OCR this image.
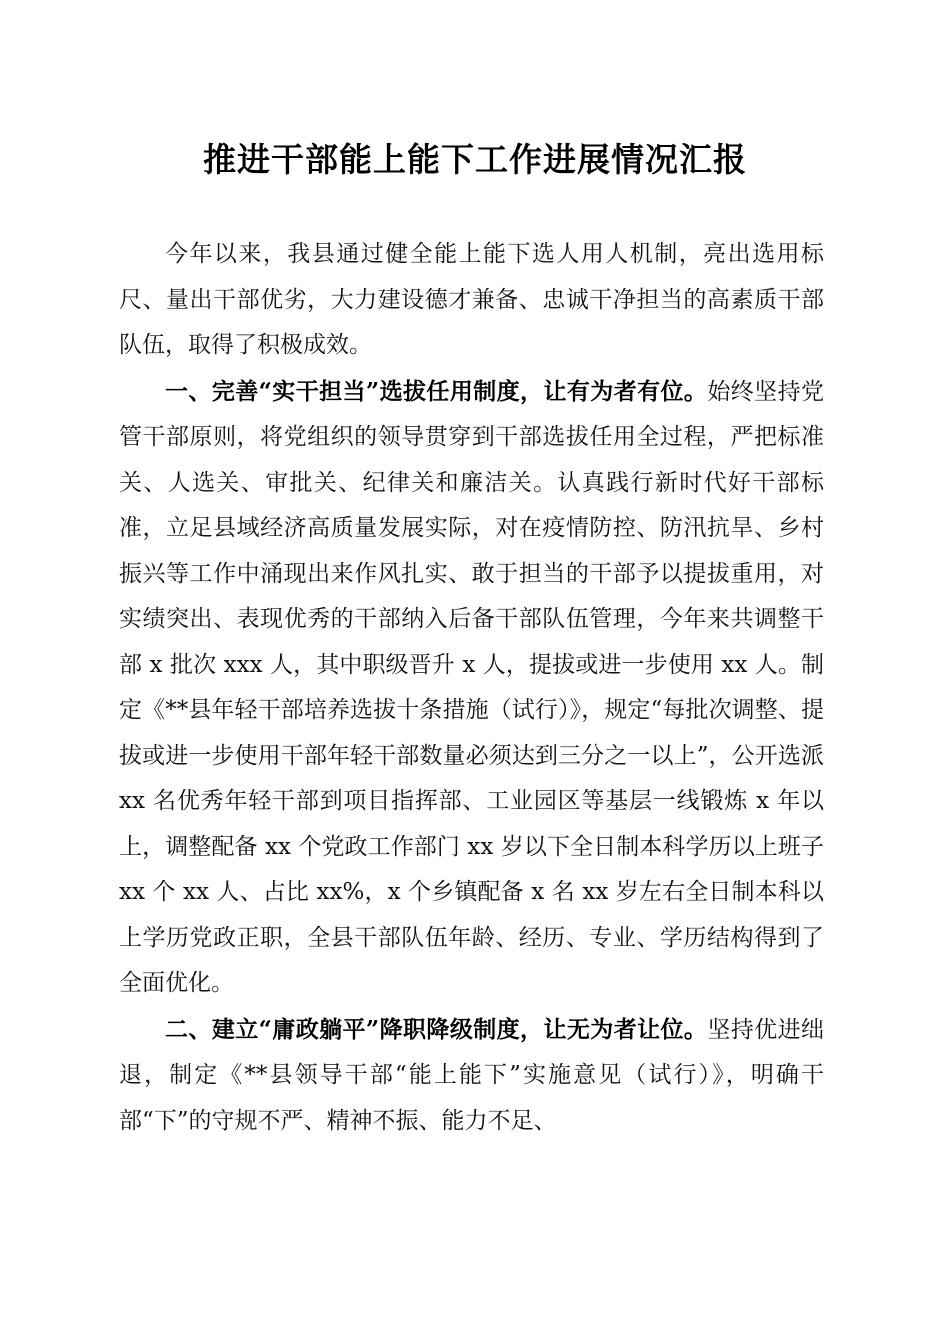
推进干部能上能下工作进展情况汇报

今年以来，我县通过健全能上能下选人用人机制，亮出选用标尺、量出干部优劣，大力建设德才兼备、忠诚干净担当的高素质干部队伍，取得了积极成效。

一、完善“实干担当”选拔任用制度，让有为者有位。始终坚持党管干部原则，将党组织的领导贯穿到干部选拔任用全过程，严把标准关、人选关、审批关、纪律关和廉洁关。认真践行新时代好干部标准，立足县域经济高质量发展实际，对在疫情防控、防汛抗旱、乡村振兴等工作中涌现出来作风扎实、敢于担当的干部予以提拔重用，对实绩突出、表现优秀的干部纳入后备干部队伍管理，今年来共调整干部 x 批次 xxx 人，其中职级晋升 x 人，提拔或进一步使用 xx 人。制定《**县年轻干部培养选拔十条措施（试行）》，规定“每批次调整、提拔或进一步使用干部年轻干部数量必须达到三分之一以上”，公开选派 xx 名优秀年轻干部到项目指挥部、工业园区等基层一线锻炼 x 年以上，调整配备 xx 个党政工作部门 xx 岁以下全日制本科学历以上班子 xx 个 xx 人、占比 xx%，x 个乡镇配备 x 名 xx 岁左右全日制本科以上学历党政正职，全县干部队伍年龄、经历、专业、学历结构得到了全面优化。

二、建立“庸政躺平”降职降级制度，让无为者让位。坚持优进绌退，制定《**县领导干部“能上能下”实施意见（试行）》，明确干部“下”的守规不严、精神不振、能力不足、
